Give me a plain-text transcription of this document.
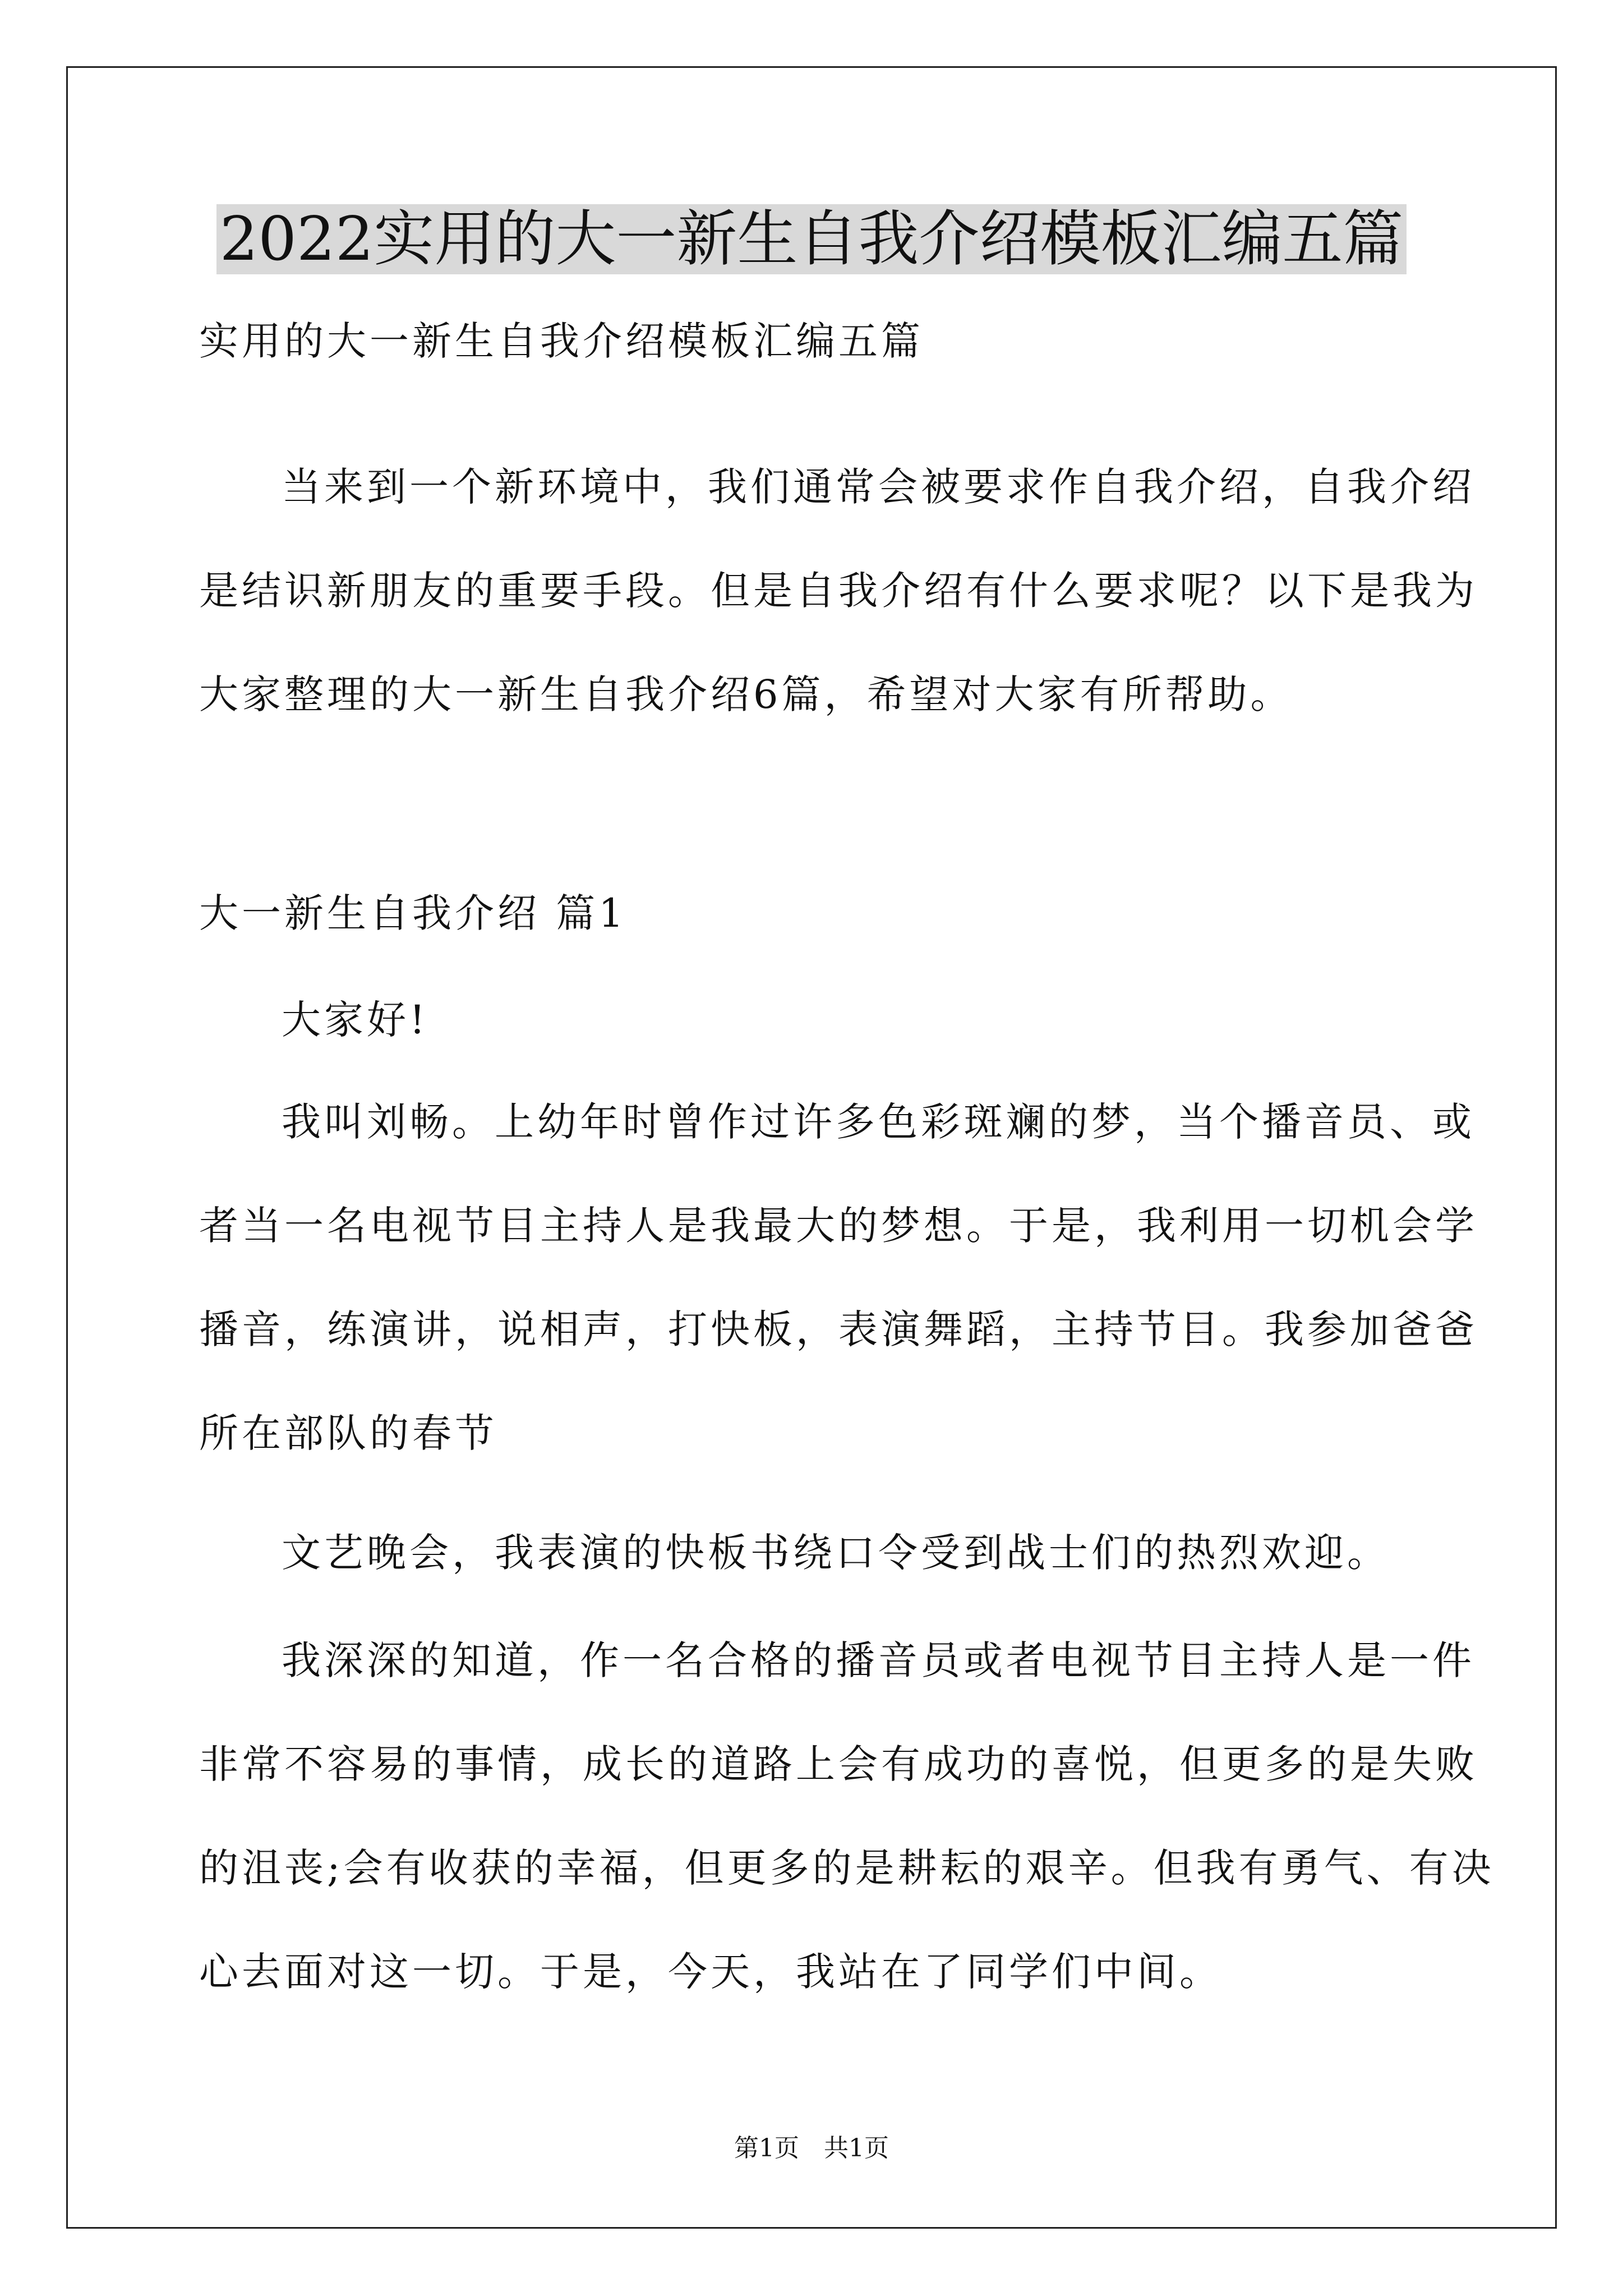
2022实用的大一新生自我介绍模板汇编五篇
实用的大一新生自我介绍模板汇编五篇
当来到一个新环境中，我们通常会被要求作自我介绍，自我介绍
是结识新朋友的重要手段。但是自我介绍有什么要求呢？以下是我为
大家整理的大一新生自我介绍6篇，希望对大家有所帮助。
大一新生自我介绍 篇1
大家好!
我叫刘畅。上幼年时曾作过许多色彩斑斓的梦，当个播音员、或
者当一名电视节目主持人是我最大的梦想。于是，我利用一切机会学
播音，练演讲，说相声，打快板，表演舞蹈，主持节目。我参加爸爸
所在部队的春节
文艺晚会，我表演的快板书绕口令受到战士们的热烈欢迎。
我深深的知道，作一名合格的播音员或者电视节目主持人是一件
非常不容易的事情，成长的道路上会有成功的喜悦，但更多的是失败
的沮丧;会有收获的幸福，但更多的是耕耘的艰辛。但我有勇气、有决
心去面对这一切。于是，今天，我站在了同学们中间。
第1页　共1页
